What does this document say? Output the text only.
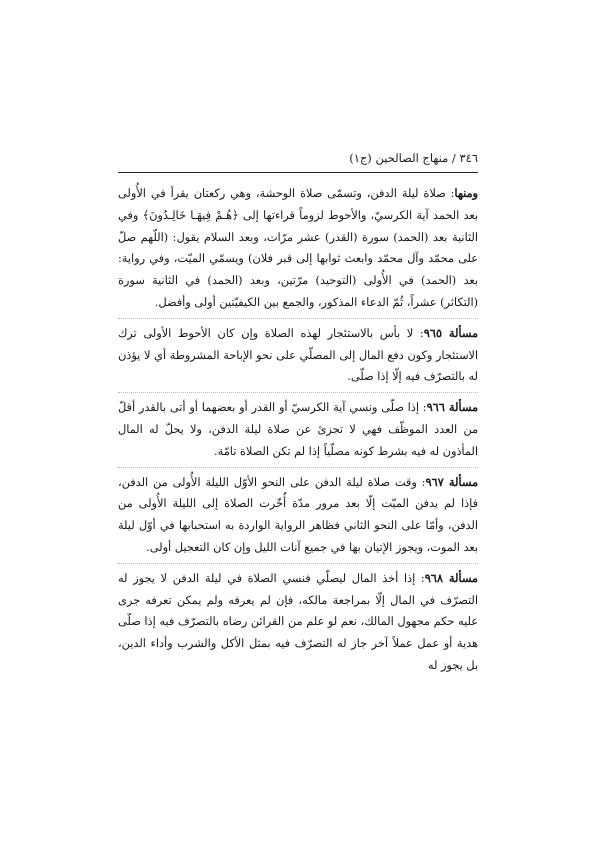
٣٤٦ / منهاج الصالحين (ج١)

ومنها: صلاة ليلة الدفن، وتسمّى صلاة الوحشة، وهي ركعتان يقرأ في الأُولى بعد الحمد آية الكرسيّ، والأحوط لزوماً قراءتها إلى ﴿هُـمْ فِيهَـا خَالِـدُونَ﴾ وفي الثانية بعد (الحمد) سورة (القدر) عشر مرّات، وبعد السلام يقول: (اللّهم صلّ على محمّد وآل محمّد وابعث ثوابها إلى قبر فلان) ويسمّي الميّت، وفي رواية: بعد (الحمد) في الأُولى (التوحيد) مرّتين، وبعد (الحمد) في الثانية سورة (التكاثر) عشراً، ثُمّ الدعاء المذكور، والجمع بين الكيفيّتين أولى وأفضل.

مسألة ٩٦٥: لا بأس بالاستئجار لهذه الصلاة وإن كان الأحوط الأولى ترك الاستئجار وكون دفع المال إلى المصلّي على نحو الإباحة المشروطة أي لا يؤذن له بالتصرّف فيه إلّا إذا صلّى.

مسألة ٩٦٦: إذا صلّى ونسي آية الكرسيّ أو القدر أو بعضهما أو أتى بالقدر أقلّ من العدد الموظّف فهي لا تجزئ عن صلاة ليلة الدفن، ولا يحلّ له المال المأذون له فيه بشرط كونه مصلّياً إذا لم تكن الصلاة تامّة.

مسألة ٩٦٧: وقت صلاة ليلة الدفن على النحو الأوّل الليلة الأُولى من الدفن، فإذا لم يدفن الميّت إلّا بعد مرور مدّة أُخّرت الصلاة إلى الليلة الأُولى من الدفن، وأمّا على النحو الثاني فظاهر الرواية الواردة به استحبابها في أوّل ليلة بعد الموت، ويجوز الإتيان بها في جميع آنات الليل وإن كان التعجيل أولى.

مسألة ٩٦٨: إذا أخذ المال ليصلّي فنسي الصلاة في ليلة الدفن لا يجوز له التصرّف في المال إلّا بمراجعة مالكه، فإن لم يعرفه ولم يمكن تعرفه جرى عليه حكم مجهول المالك، نعم لو علم من القرائن رضاه بالتصرّف فيه إذا صلّى هدية أو عمل عملاً آخر جاز له التصرّف فيه بمثل الأكل والشرب وأداء الدين، بل يجوز له
